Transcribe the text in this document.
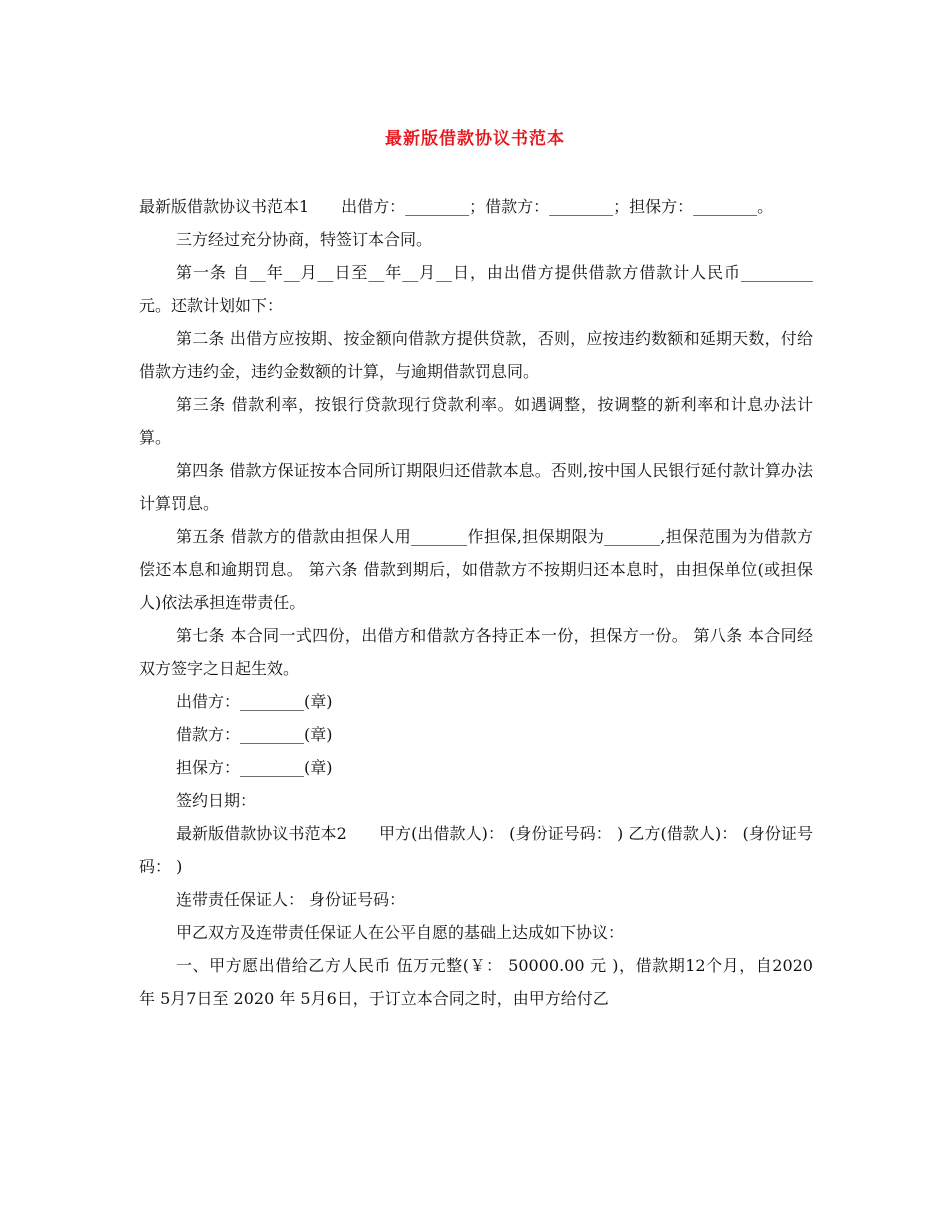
最新版借款协议书范本

最新版借款协议书范本1　　出借方：________；借款方：________；担保方：________。

三方经过充分协商，特签订本合同。

第一条 自__年__月__日至__年__月__日，由出借方提供借款方借款计人民币_________元。还款计划如下：

第二条 出借方应按期、按金额向借款方提供贷款，否则，应按违约数额和延期天数，付给借款方违约金，违约金数额的计算，与逾期借款罚息同。

第三条 借款利率，按银行贷款现行贷款利率。如遇调整，按调整的新利率和计息办法计算。

第四条 借款方保证按本合同所订期限归还借款本息。否则,按中国人民银行延付款计算办法计算罚息。

第五条 借款方的借款由担保人用_______作担保,担保期限为_______,担保范围为为借款方偿还本息和逾期罚息。 第六条 借款到期后，如借款方不按期归还本息时，由担保单位(或担保人)依法承担连带责任。

第七条 本合同一式四份，出借方和借款方各持正本一份，担保方一份。 第八条 本合同经双方签字之日起生效。

出借方：________(章)

借款方：________(章)

担保方：________(章)

签约日期：

最新版借款协议书范本2　　甲方(出借款人)： (身份证号码： ) 乙方(借款人)： (身份证号码： )

连带责任保证人： 身份证号码：

甲乙双方及连带责任保证人在公平自愿的基础上达成如下协议：

一、甲方愿出借给乙方人民币 伍万元整(￥： 50000.00 元 )，借款期12个月，自2020 年 5月7日至 2020 年 5月6日，于订立本合同之时，由甲方给付乙
